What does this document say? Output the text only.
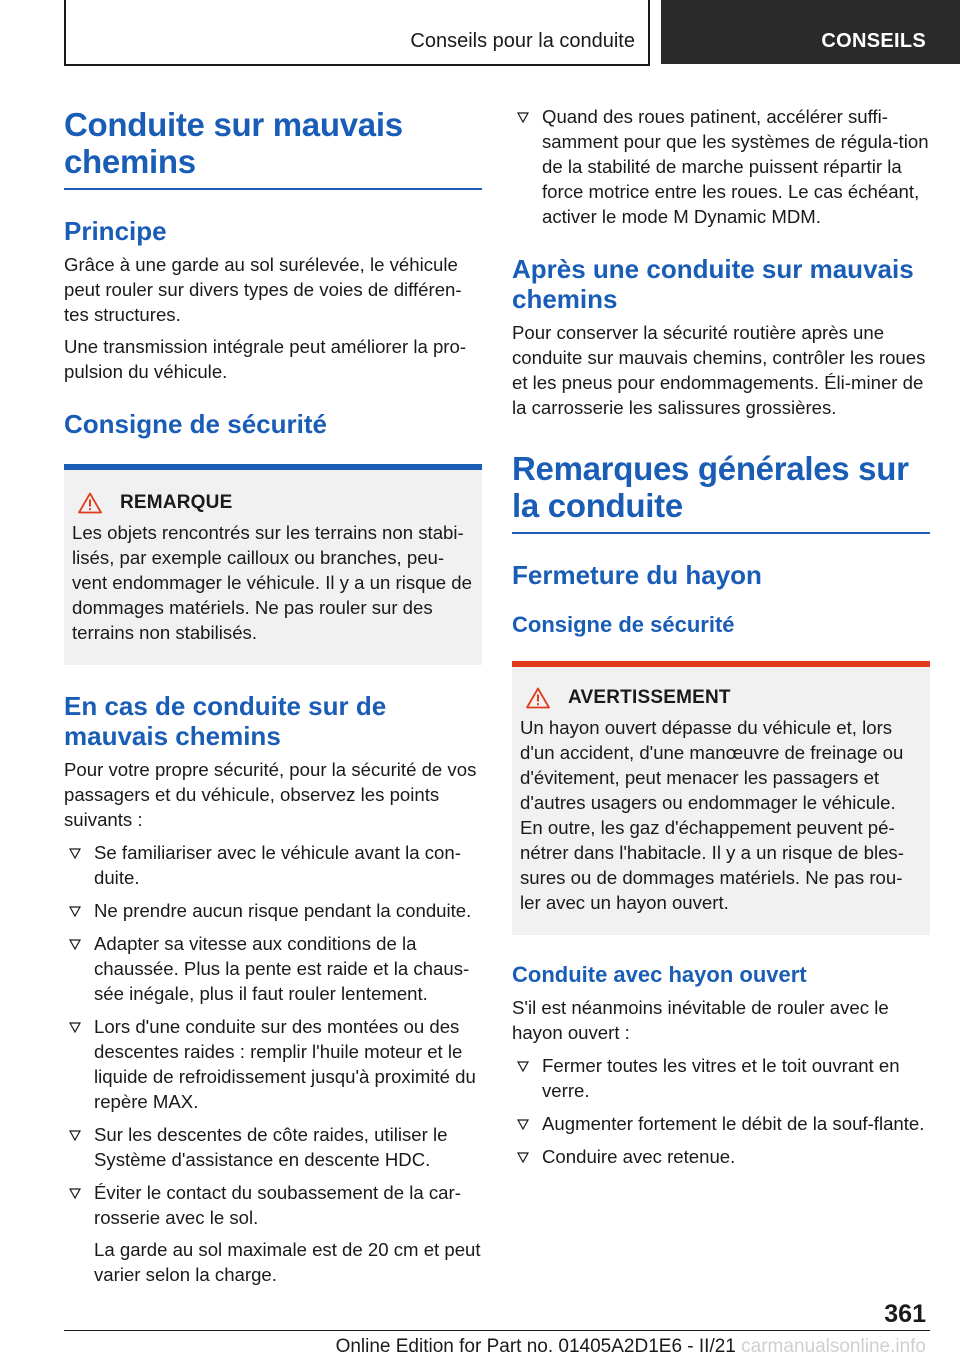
Conseils pour la conduite	CONSEILS
Conduite sur mauvais chemins
Principe
Grâce à une garde au sol surélevée, le véhicule peut rouler sur divers types de voies de différen-tes structures.
Une transmission intégrale peut améliorer la pro-pulsion du véhicule.
Consigne de sécurité
REMARQUE
Les objets rencontrés sur les terrains non stabi-lisés, par exemple cailloux ou branches, peu-vent endommager le véhicule. Il y a un risque de dommages matériels. Ne pas rouler sur des terrains non stabilisés.
En cas de conduite sur de mauvais chemins
Pour votre propre sécurité, pour la sécurité de vos passagers et du véhicule, observez les points suivants :
Se familiariser avec le véhicule avant la con-duite.
Ne prendre aucun risque pendant la conduite.
Adapter sa vitesse aux conditions de la chaussée. Plus la pente est raide et la chaus-sée inégale, plus il faut rouler lentement.
Lors d'une conduite sur des montées ou des descentes raides : remplir l'huile moteur et le liquide de refroidissement jusqu'à proximité du repère MAX.
Sur les descentes de côte raides, utiliser le Système d'assistance en descente HDC.
Éviter le contact du soubassement de la car-rosserie avec le sol.
La garde au sol maximale est de 20 cm et peut varier selon la charge.
Quand des roues patinent, accélérer suffi-samment pour que les systèmes de régula-tion de la stabilité de marche puissent répartir la force motrice entre les roues. Le cas échéant, activer le mode M Dynamic MDM.
Après une conduite sur mauvais chemins
Pour conserver la sécurité routière après une conduite sur mauvais chemins, contrôler les roues et les pneus pour endommagements. Éli-miner de la carrosserie les salissures grossières.
Remarques générales sur la conduite
Fermeture du hayon
Consigne de sécurité
AVERTISSEMENT
Un hayon ouvert dépasse du véhicule et, lors d'un accident, d'une manœuvre de freinage ou d'évitement, peut menacer les passagers et d'autres usagers ou endommager le véhicule. En outre, les gaz d'échappement peuvent pé-nétrer dans l'habitacle. Il y a un risque de bles-sures ou de dommages matériels. Ne pas rou-ler avec un hayon ouvert.
Conduite avec hayon ouvert
S'il est néanmoins inévitable de rouler avec le hayon ouvert :
Fermer toutes les vitres et le toit ouvrant en verre.
Augmenter fortement le débit de la souf-flante.
Conduire avec retenue.
361
Online Edition for Part no. 01405A2D1E6 - II/21 carmanualsonline.info
